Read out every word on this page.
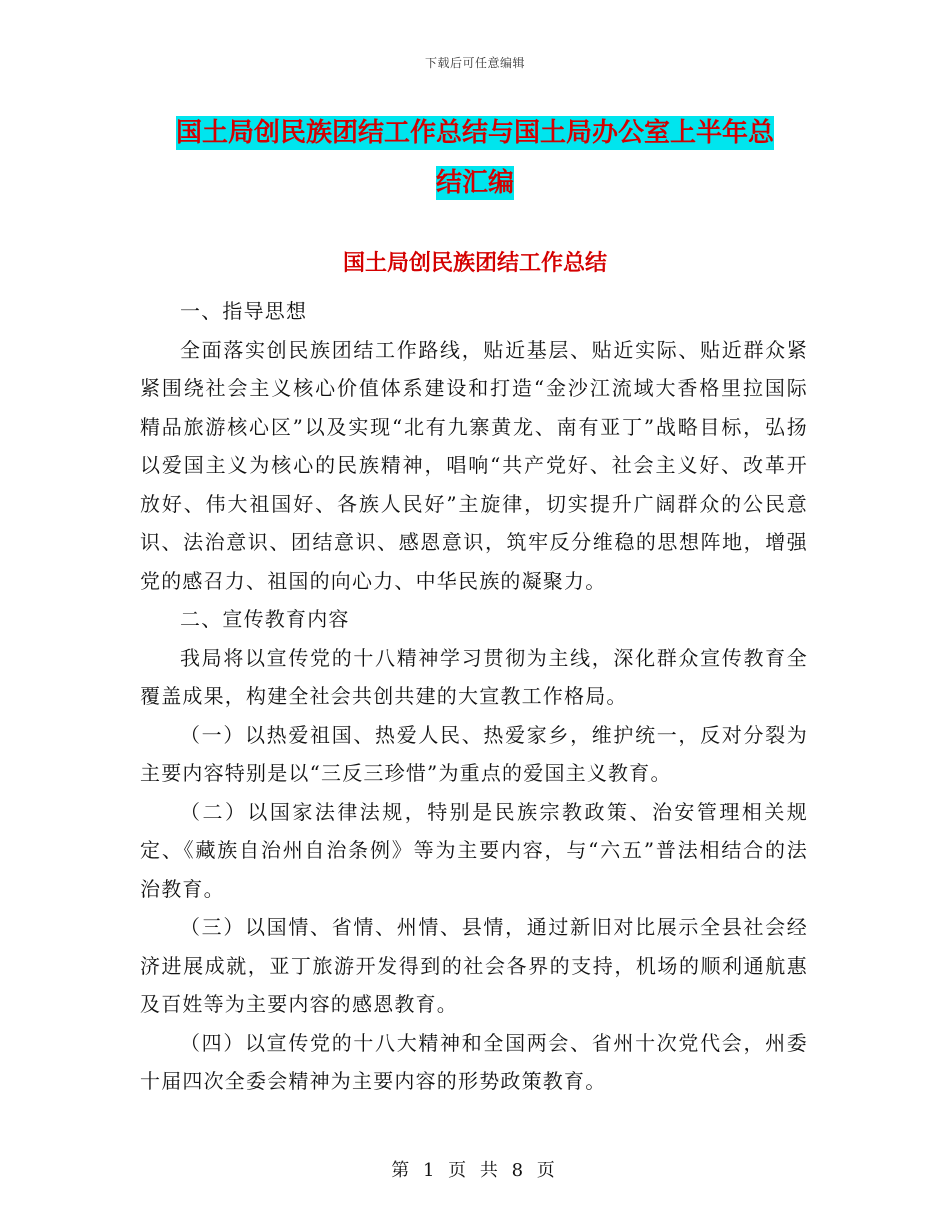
下载后可任意编辑
国土局创民族团结工作总结与国土局办公室上半年总
结汇编
国土局创民族团结工作总结

一、指导思想

全面落实创民族团结工作路线，贴近基层、贴近实际、贴近群众紧紧围绕社会主义核心价值体系建设和打造“金沙江流域大香格里拉国际精品旅游核心区”以及实现“北有九寨黄龙、南有亚丁”战略目标，弘扬以爱国主义为核心的民族精神，唱响“共产党好、社会主义好、改革开放好、伟大祖国好、各族人民好”主旋律，切实提升广阔群众的公民意识、法治意识、团结意识、感恩意识，筑牢反分维稳的思想阵地，增强党的感召力、祖国的向心力、中华民族的凝聚力。

二、宣传教育内容

我局将以宣传党的十八精神学习贯彻为主线，深化群众宣传教育全覆盖成果，构建全社会共创共建的大宣教工作格局。

（一）以热爱祖国、热爱人民、热爱家乡，维护统一，反对分裂为主要内容特别是以“三反三珍惜”为重点的爱国主义教育。

（二）以国家法律法规，特别是民族宗教政策、治安管理相关规定、《藏族自治州自治条例》等为主要内容，与“六五”普法相结合的法治教育。

（三）以国情、省情、州情、县情，通过新旧对比展示全县社会经济进展成就，亚丁旅游开发得到的社会各界的支持，机场的顺利通航惠及百姓等为主要内容的感恩教育。

（四）以宣传党的十八大精神和全国两会、省州十次党代会，州委十届四次全委会精神为主要内容的形势政策教育。

第 1 页 共 8 页
